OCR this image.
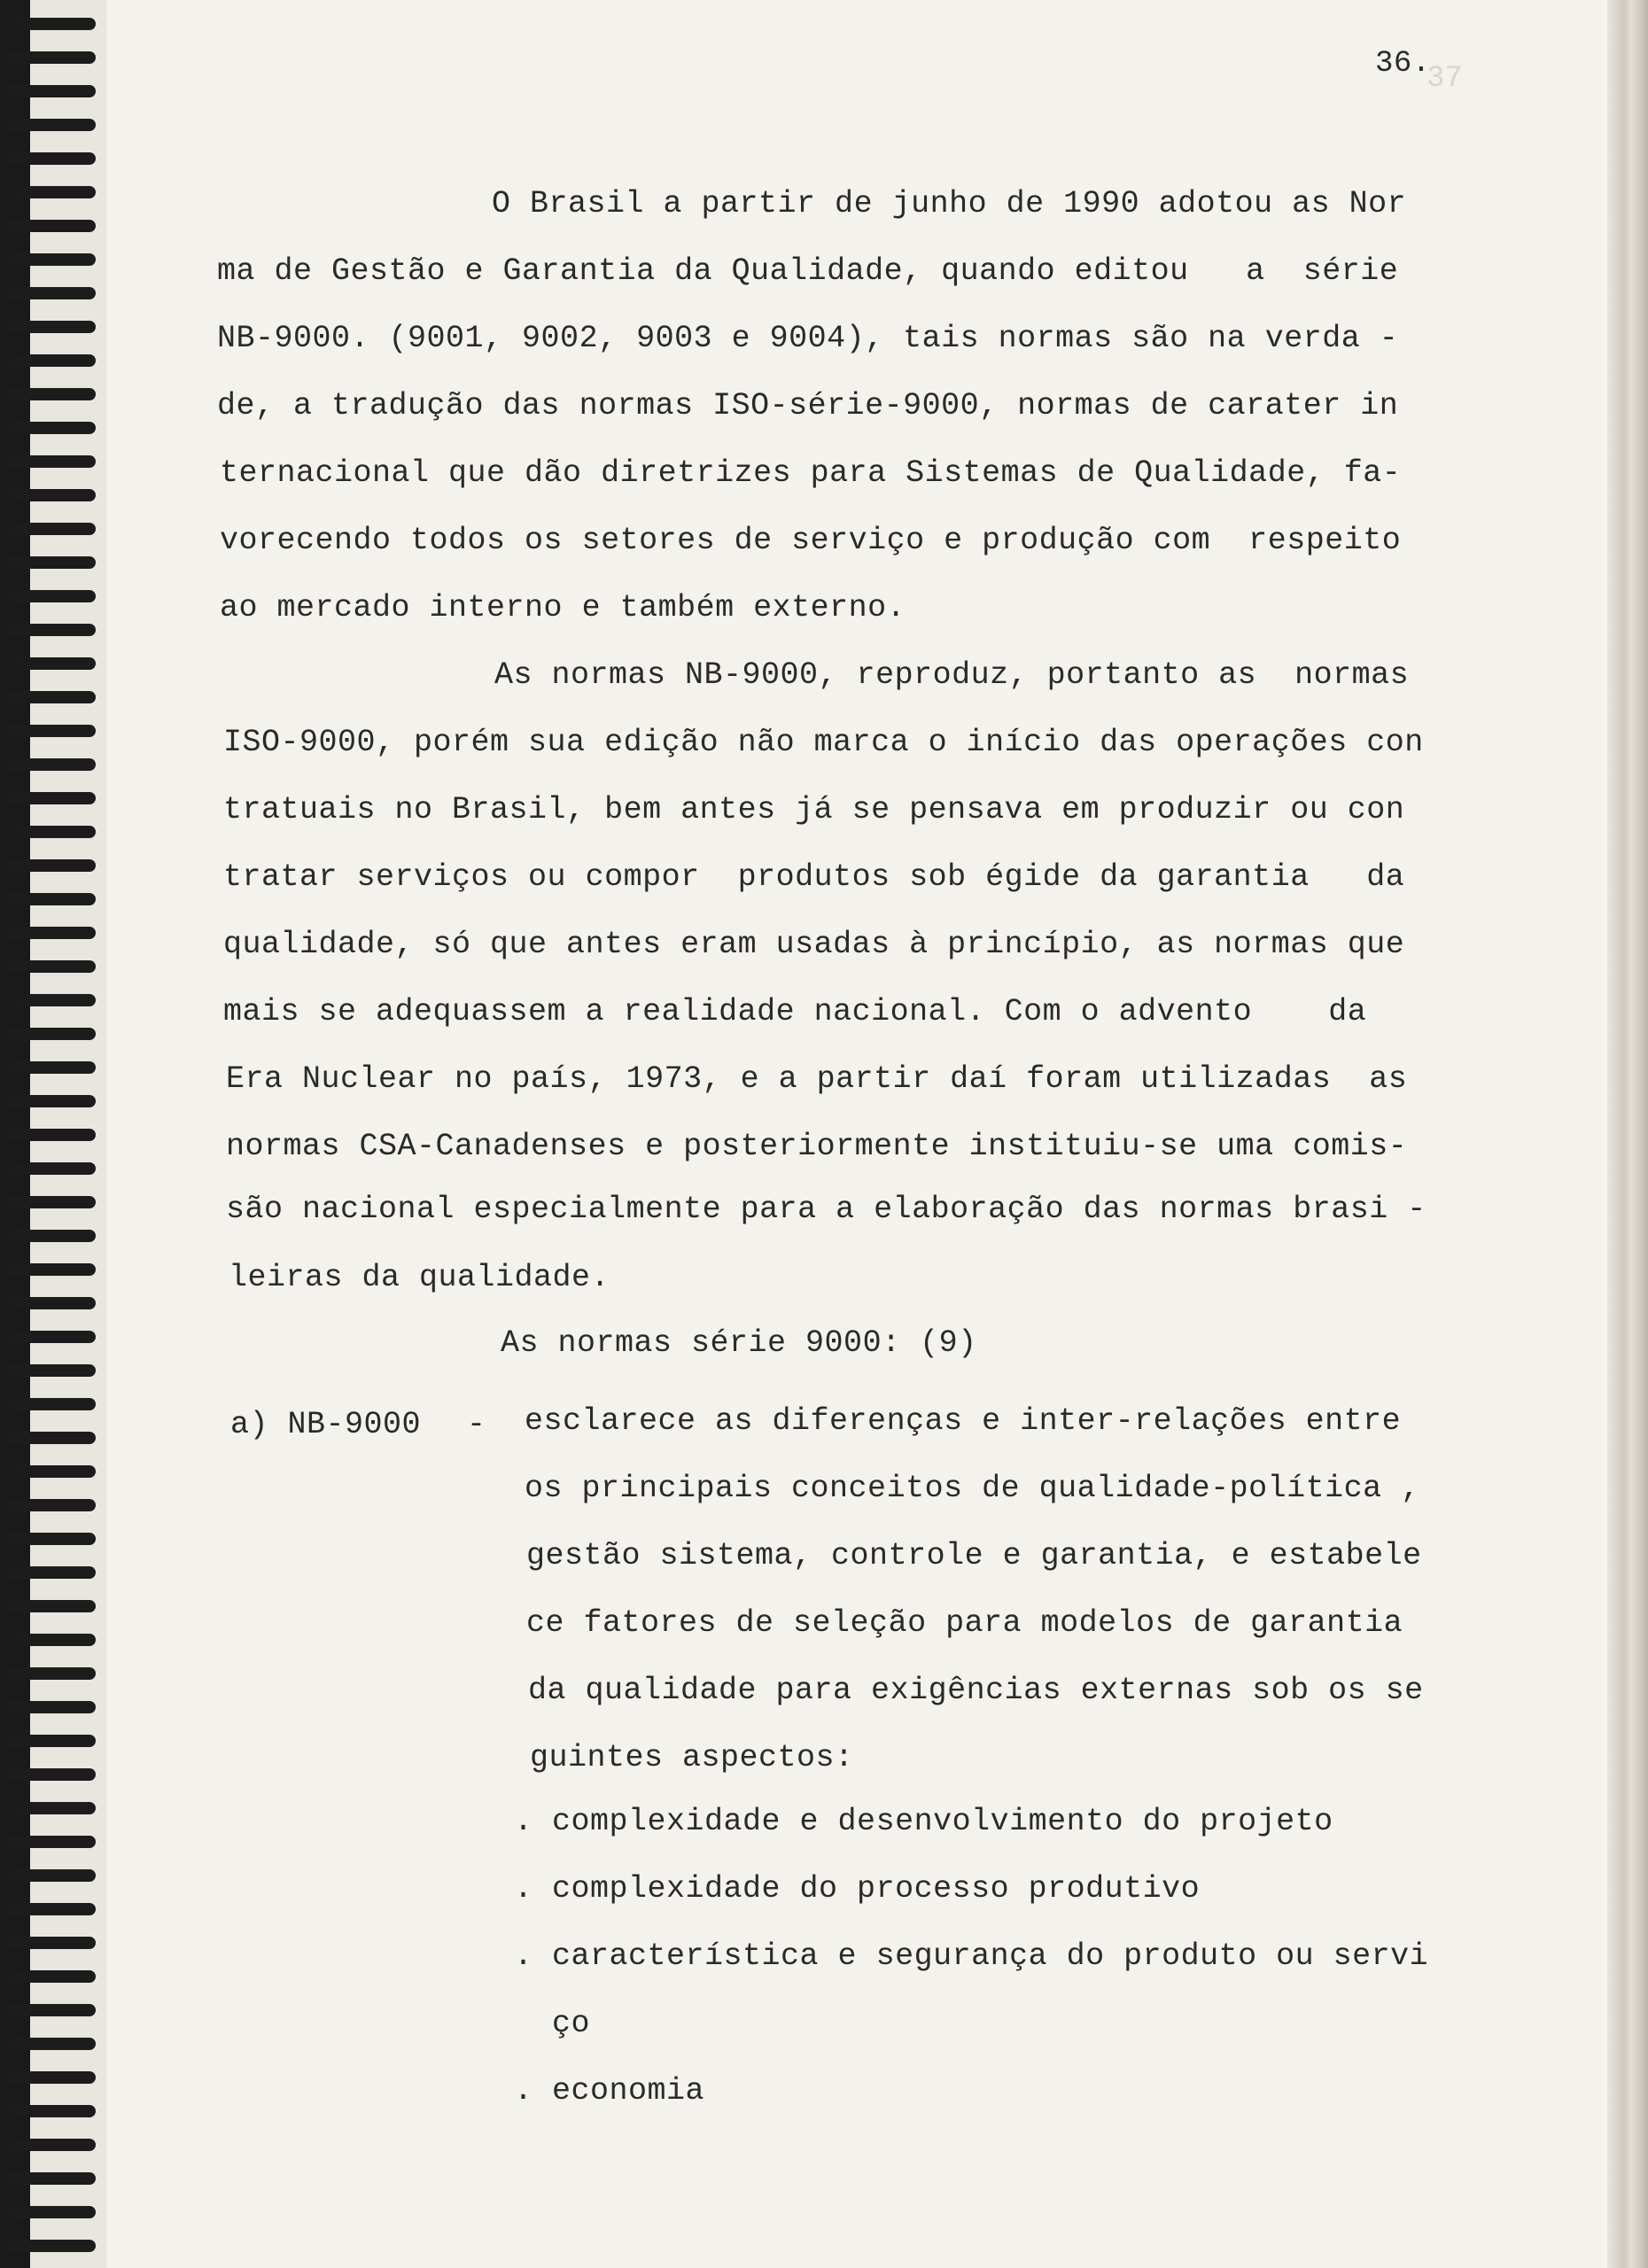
37
36.
O Brasil a partir de junho de 1990 adotou as Nor
ma de Gestão e Garantia da Qualidade, quando editou   a  série
NB-9000. (9001, 9002, 9003 e 9004), tais normas são na verda -
de, a tradução das normas ISO-série-9000, normas de carater in
ternacional que dão diretrizes para Sistemas de Qualidade, fa-
vorecendo todos os setores de serviço e produção com  respeito
ao mercado interno e também externo.
As normas NB-9000, reproduz, portanto as  normas
ISO-9000, porém sua edição não marca o início das operações con
tratuais no Brasil, bem antes já se pensava em produzir ou con
tratar serviços ou compor  produtos sob égide da garantia   da
qualidade, só que antes eram usadas à princípio, as normas que
mais se adequassem a realidade nacional. Com o advento    da
Era Nuclear no país, 1973, e a partir daí foram utilizadas  as
normas CSA-Canadenses e posteriormente instituiu-se uma comis-
são nacional especialmente para a elaboração das normas brasi -
leiras da qualidade.
As normas série 9000: (9)
a) NB-9000 - esclarece as diferenças e inter-relações entre
os principais conceitos de qualidade-política ,
gestão sistema, controle e garantia, e estabele
ce fatores de seleção para modelos de garantia
da qualidade para exigências externas sob os se
guintes aspectos:
. complexidade e desenvolvimento do projeto
. complexidade do processo produtivo
. característica e segurança do produto ou servi
ço
. economia
